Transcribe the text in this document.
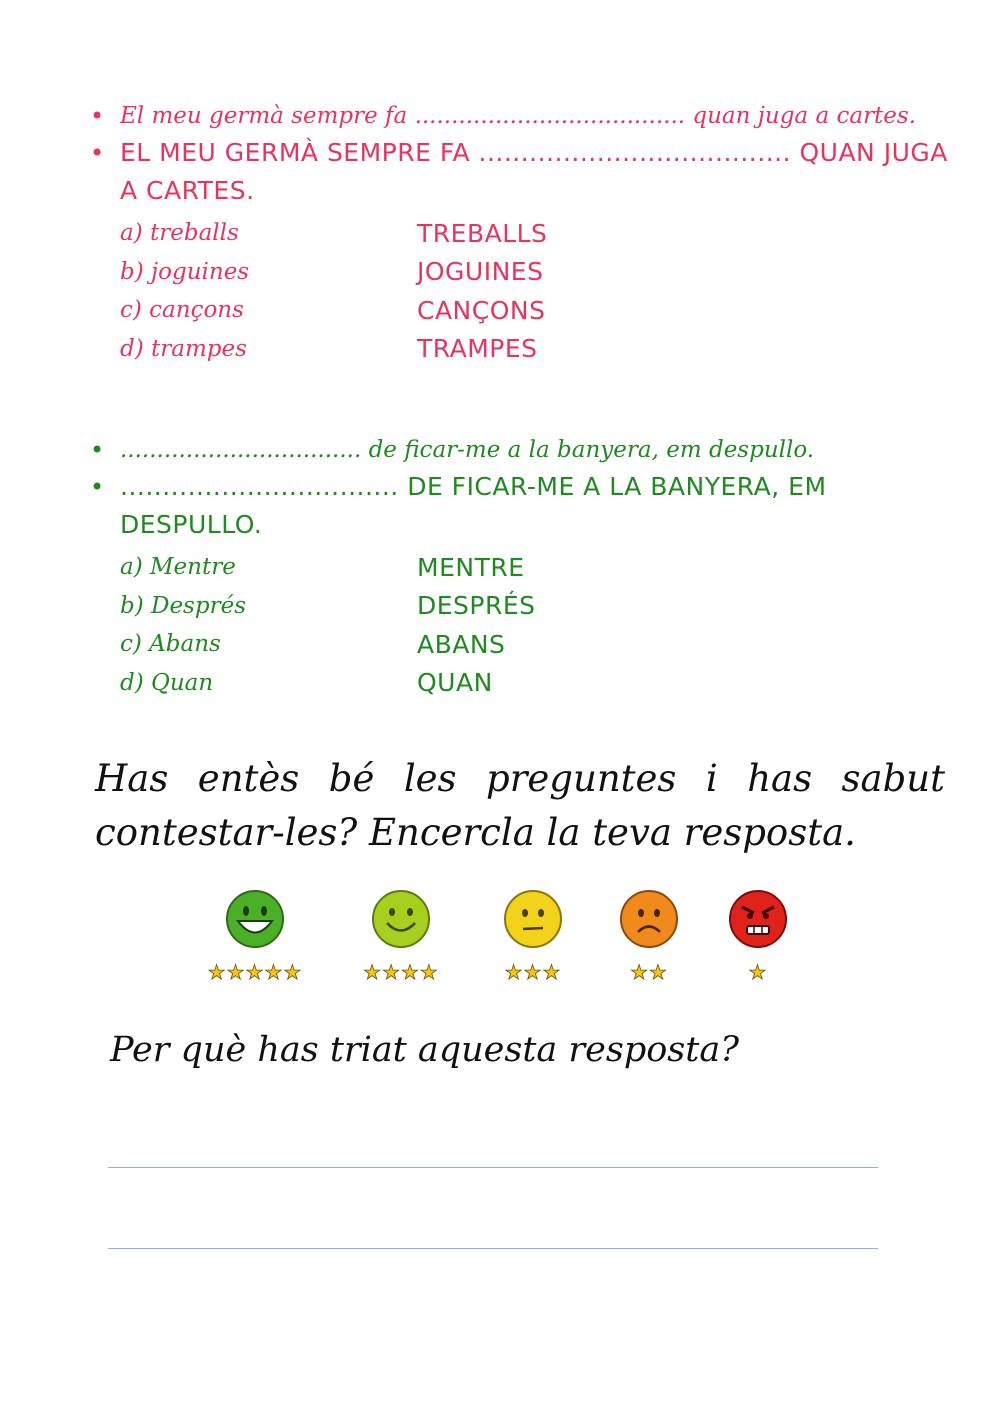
• El meu germà sempre fa ..................................... quan juga a cartes.
• EL MEU GERMÀ SEMPRE FA ..................................... QUAN JUGA A CARTES.
a) treballs	TREBALLS
b) joguines	JOGUINES
c) cançons	CANÇONS
d) trampes	TRAMPES
• ................................. de ficar-me a la banyera, em despullo.
• ................................. DE FICAR-ME A LA BANYERA, EM DESPULLO.
a) Mentre	MENTRE
b) Després	DESPRÉS
c) Abans	ABANS
d) Quan	QUAN
Has entès bé les preguntes i has sabut contestar-les? Encercla la teva resposta.
★★★★★	★★★★	★★★	★★	★
Per què has triat aquesta resposta?
